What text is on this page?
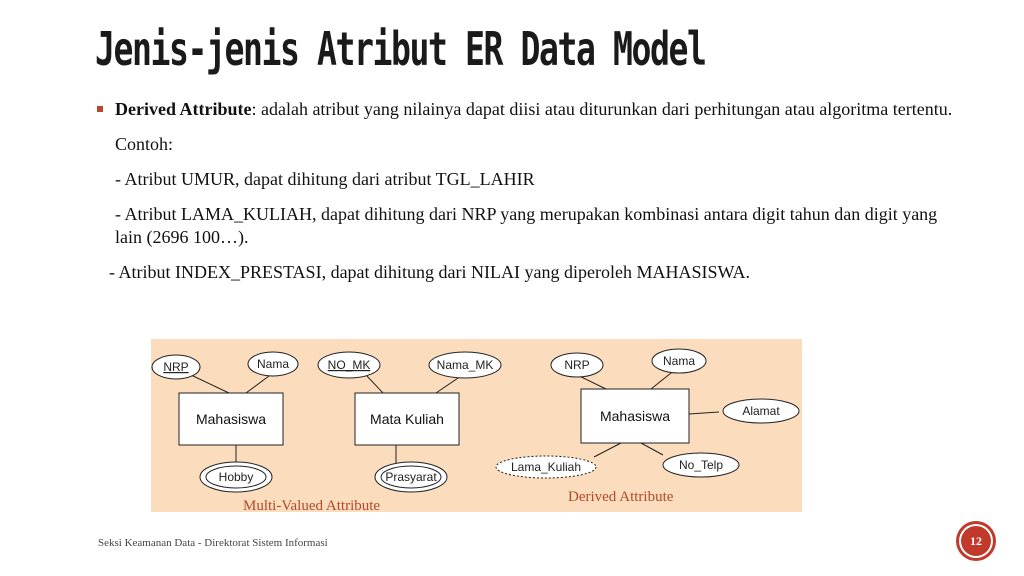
Jenis-jenis Atribut ER Data Model
Derived Attribute: adalah atribut yang nilainya dapat diisi atau diturunkan dari perhitungan atau algoritma tertentu.
Contoh:
- Atribut UMUR, dapat dihitung dari atribut TGL_LAHIR
- Atribut LAMA_KULIAH, dapat dihitung dari NRP yang merupakan kombinasi antara digit tahun dan digit yang lain (2696 100…).
- Atribut INDEX_PRESTASI, dapat dihitung dari NILAI yang diperoleh MAHASISWA.
NRP	Nama
Mahasiswa
Hobby
NO_MK	Nama_MK
Mata Kuliah
Prasyarat
NRP	Nama
Mahasiswa	Alamat
No_Telp
Lama_Kuliah
Multi-Valued Attribute
Derived Attribute
Seksi Keamanan Data - Direktorat Sistem Informasi	12
